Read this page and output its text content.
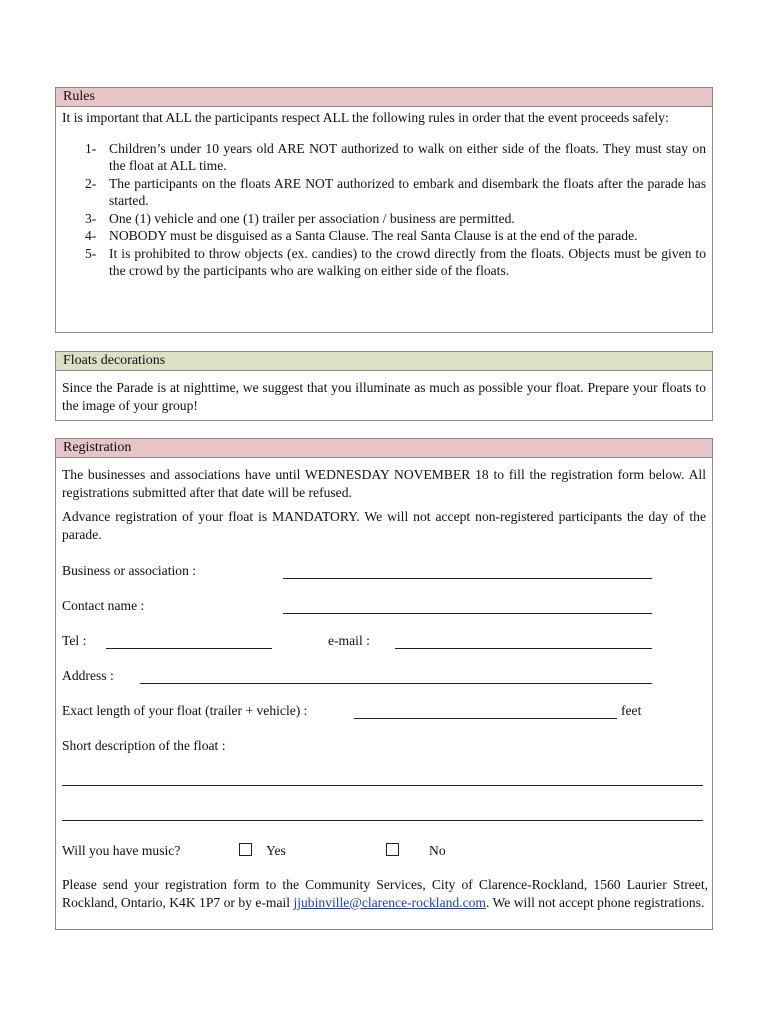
Rules

It is important that ALL the participants respect ALL the following rules in order that the event proceeds safely:

1- Children’s under 10 years old ARE NOT authorized to walk on either side of the floats. They must stay on the float at ALL time.
2- The participants on the floats ARE NOT authorized to embark and disembark the floats after the parade has started.
3- One (1) vehicle and one (1) trailer per association / business are permitted.
4- NOBODY must be disguised as a Santa Clause. The real Santa Clause is at the end of the parade.
5- It is prohibited to throw objects (ex. candies) to the crowd directly from the floats. Objects must be given to the crowd by the participants who are walking on either side of the floats.
Floats decorations

Since the Parade is at nighttime, we suggest that you illuminate as much as possible your float. Prepare your floats to the image of your group!

Registration

The businesses and associations have until WEDNESDAY NOVEMBER 18 to fill the registration form below. All registrations submitted after that date will be refused.

Advance registration of your float is MANDATORY. We will not accept non-registered participants the day of the parade.

Business or association :
Contact name :
Tel :	e-mail :
Address :
Exact length of your float (trailer + vehicle) :	feet
Short description of the float :
Will you have music?	Yes	No
Please send your registration form to the Community Services, City of Clarence-Rockland, 1560 Laurier Street, Rockland, Ontario, K4K 1P7 or by e-mail jjubinville@clarence-rockland.com. We will not accept phone registrations.
